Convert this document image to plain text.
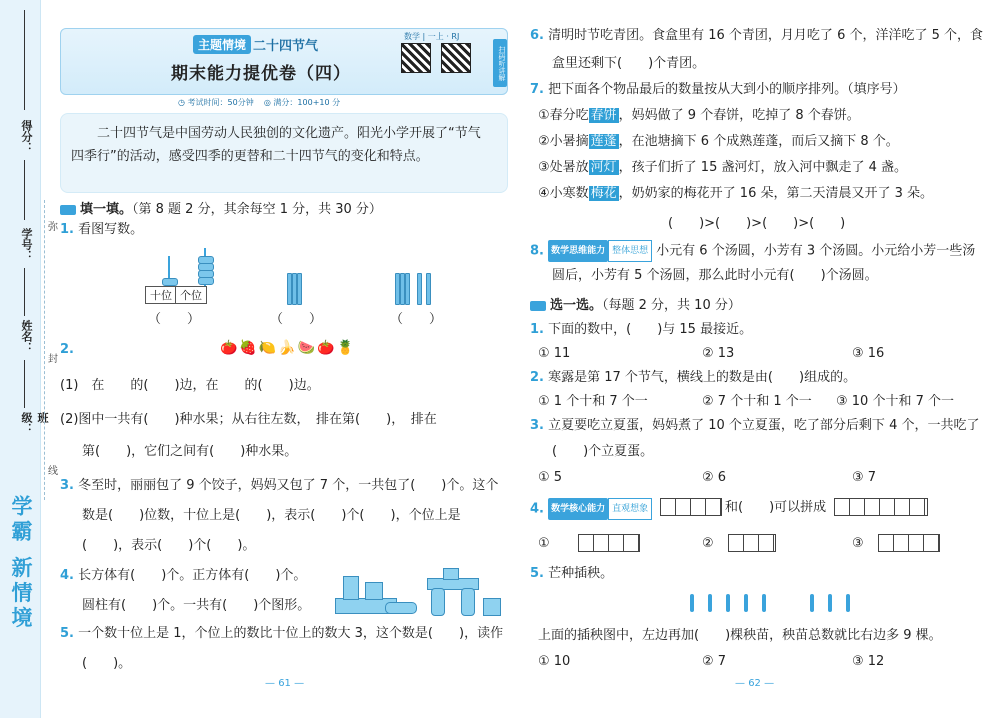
得分：
学号：
姓名：
班级：
学霸 新情境
弥
封
线
主题情境 二十四节气
期末能力提优卷（四）
数学 | 一上 · RJ
扫码听讲解
◷ 考试时间：50分钟 ◎ 满分：100+10 分
二十四节气是中国劳动人民独创的文化遗产。阳光小学开展了“节气四季行”的活动，感受四季的更替和二十四节气的变化和特点。
填一填。（第 8 题 2 分，其余每空 1 分，共 30 分）
1. 看图写数。
十位 个位
（　　）	（　　）	（　　）
2.	🍅🍓🍋🍌🍉🍅🍍
(1)　在　　的(　　)边，在　　的(　　)边。
(2)图中一共有(　　)种水果；从右往左数，　排在第(　　)，　排在
第(　　)，它们之间有(　　)种水果。
3. 冬至时，丽丽包了 9 个饺子，妈妈又包了 7 个，一共包了(　　)个。这个
数是(　　)位数，十位上是(　　)，表示(　　)个(　　)，个位上是
(　　)，表示(　　)个(　　)。
4. 长方体有(　　)个。正方体有(　　)个。
圆柱有(　　)个。一共有(　　)个图形。
5. 一个数十位上是 1，个位上的数比十位上的数大 3，这个数是(　　)，读作
(　　)。
— 61 —
6. 清明时节吃青团。食盒里有 16 个青团，月月吃了 6 个，洋洋吃了 5 个，食
盒里还剩下(　　)个青团。
7. 把下面各个物品最后的数量按从大到小的顺序排列。（填序号）
①春分吃 春饼 ，妈妈做了 9 个春饼，吃掉了 8 个春饼。
②小暑摘 莲蓬 ，在池塘摘下 6 个成熟莲蓬，而后又摘下 8 个。
③处暑放 河灯 ，孩子们折了 15 盏河灯，放入河中飘走了 4 盏。
④小寒数 梅花 ，奶奶家的梅花开了 16 朵，第二天清晨又开了 3 朵。
(　　)>(　　)>(　　)>(　　)
8. 数学思维能力 整体思想 小元有 6 个汤圆，小芳有 3 个汤圆。小元给小芳一些汤
圆后，小芳有 5 个汤圆，那么此时小元有(　　)个汤圆。
选一选。（每题 2 分，共 10 分）
1. 下面的数中，(　　)与 15 最接近。
① 11	② 13	③ 16
2. 寒露是第 17 个节气，横线上的数是由(　　)组成的。
① 1 个十和 7 个一	② 7 个十和 1 个一 ③ 10 个十和 7 个一
3. 立夏要吃立夏蛋，妈妈煮了 10 个立夏蛋，吃了部分后剩下 4 个，一共吃了
(　　)个立夏蛋。
① 5	② 6	③ 7
4. 数学核心能力 直观想象	和(　　)可以拼成
①	②	③
5. 芒种插秧。
上面的插秧图中，左边再加(　　)棵秧苗，秧苗总数就比右边多 9 棵。
① 10	② 7	③ 12
— 62 —
